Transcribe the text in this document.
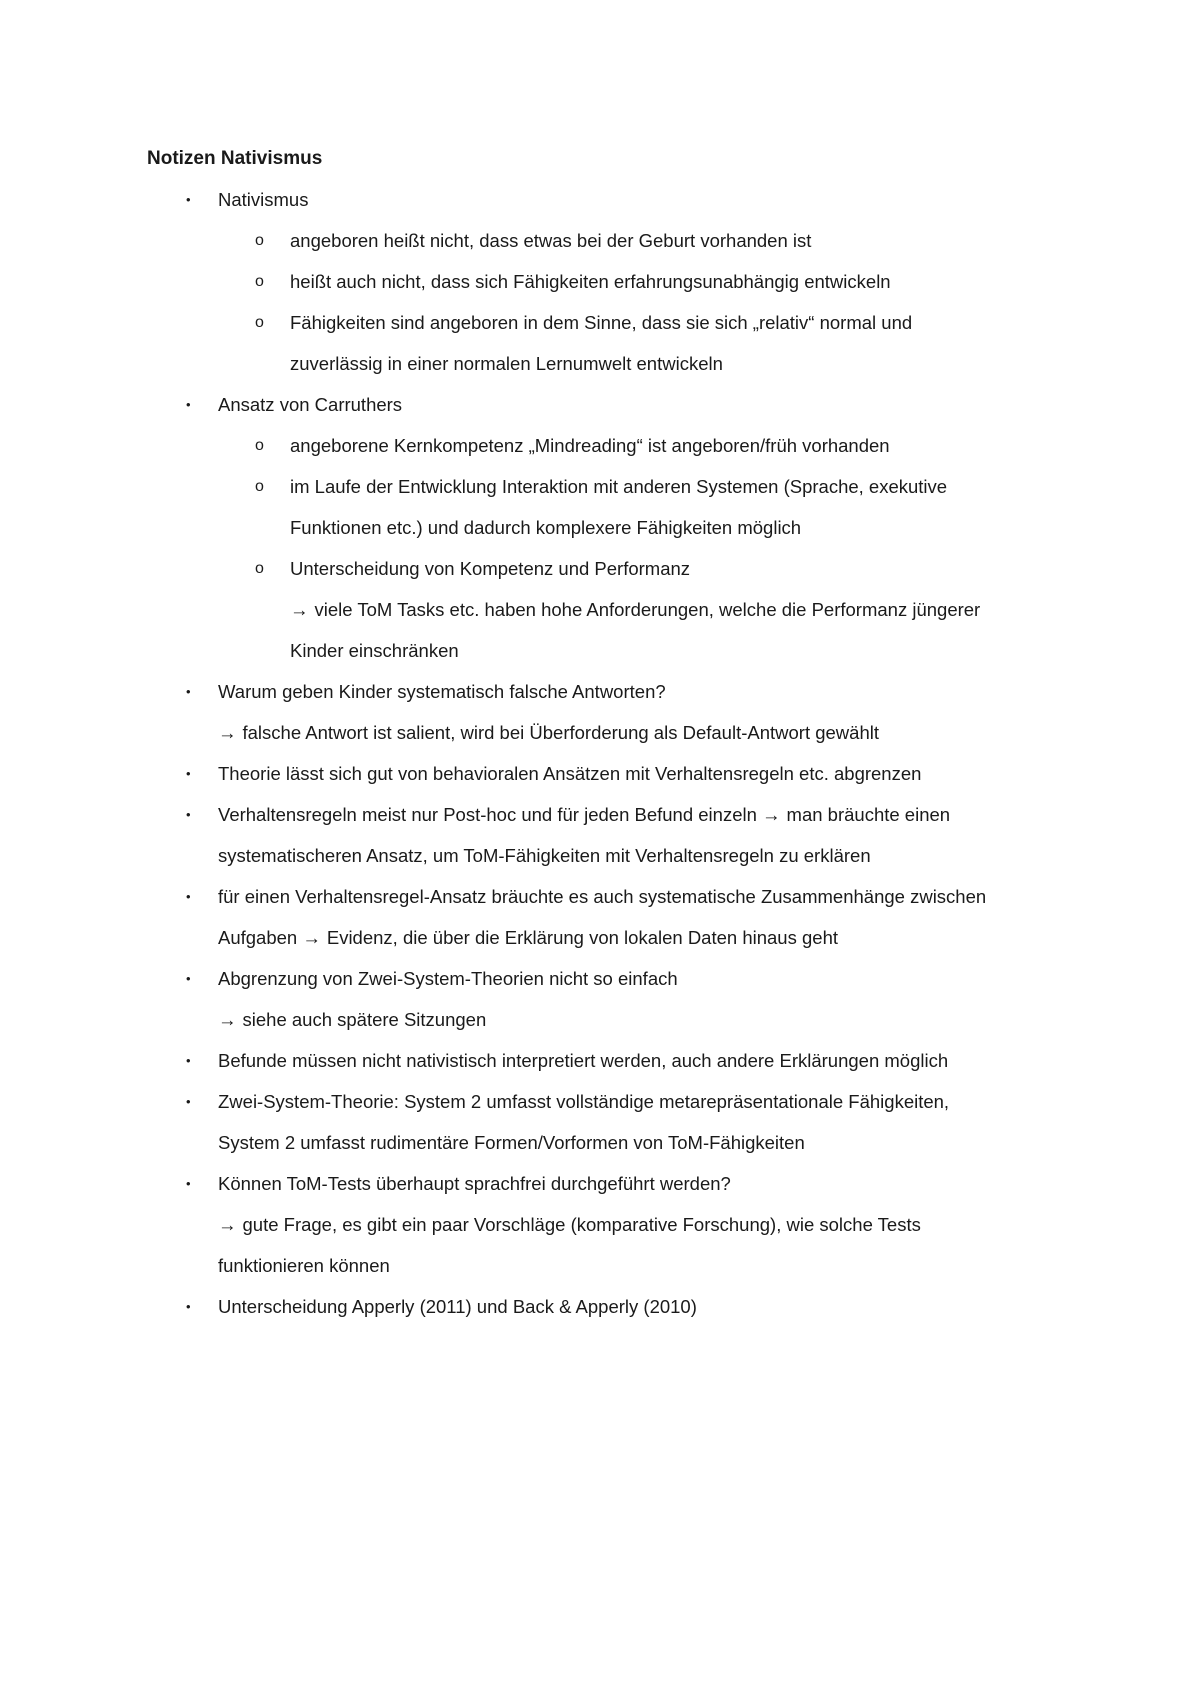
Notizen Nativismus
• Nativismus
o angeboren heißt nicht, dass etwas bei der Geburt vorhanden ist
o heißt auch nicht, dass sich Fähigkeiten erfahrungsunabhängig entwickeln
o Fähigkeiten sind angeboren in dem Sinne, dass sie sich „relativ“ normal und
zuverlässig in einer normalen Lernumwelt entwickeln
• Ansatz von Carruthers
o angeborene Kernkompetenz „Mindreading“ ist angeboren/früh vorhanden
o im Laufe der Entwicklung Interaktion mit anderen Systemen (Sprache, exekutive
Funktionen etc.) und dadurch komplexere Fähigkeiten möglich
o Unterscheidung von Kompetenz und Performanz
→ viele ToM Tasks etc. haben hohe Anforderungen, welche die Performanz jüngerer
Kinder einschränken
• Warum geben Kinder systematisch falsche Antworten?
→ falsche Antwort ist salient, wird bei Überforderung als Default-Antwort gewählt
• Theorie lässt sich gut von behavioralen Ansätzen mit Verhaltensregeln etc. abgrenzen
• Verhaltensregeln meist nur Post-hoc und für jeden Befund einzeln → man bräuchte einen
systematischeren Ansatz, um ToM-Fähigkeiten mit Verhaltensregeln zu erklären
• für einen Verhaltensregel-Ansatz bräuchte es auch systematische Zusammenhänge zwischen
Aufgaben → Evidenz, die über die Erklärung von lokalen Daten hinaus geht
• Abgrenzung von Zwei-System-Theorien nicht so einfach
→ siehe auch spätere Sitzungen
• Befunde müssen nicht nativistisch interpretiert werden, auch andere Erklärungen möglich
• Zwei-System-Theorie: System 2 umfasst vollständige metarepräsentationale Fähigkeiten,
System 2 umfasst rudimentäre Formen/Vorformen von ToM-Fähigkeiten
• Können ToM-Tests überhaupt sprachfrei durchgeführt werden?
→ gute Frage, es gibt ein paar Vorschläge (komparative Forschung), wie solche Tests
funktionieren können
• Unterscheidung Apperly (2011) und Back & Apperly (2010)
